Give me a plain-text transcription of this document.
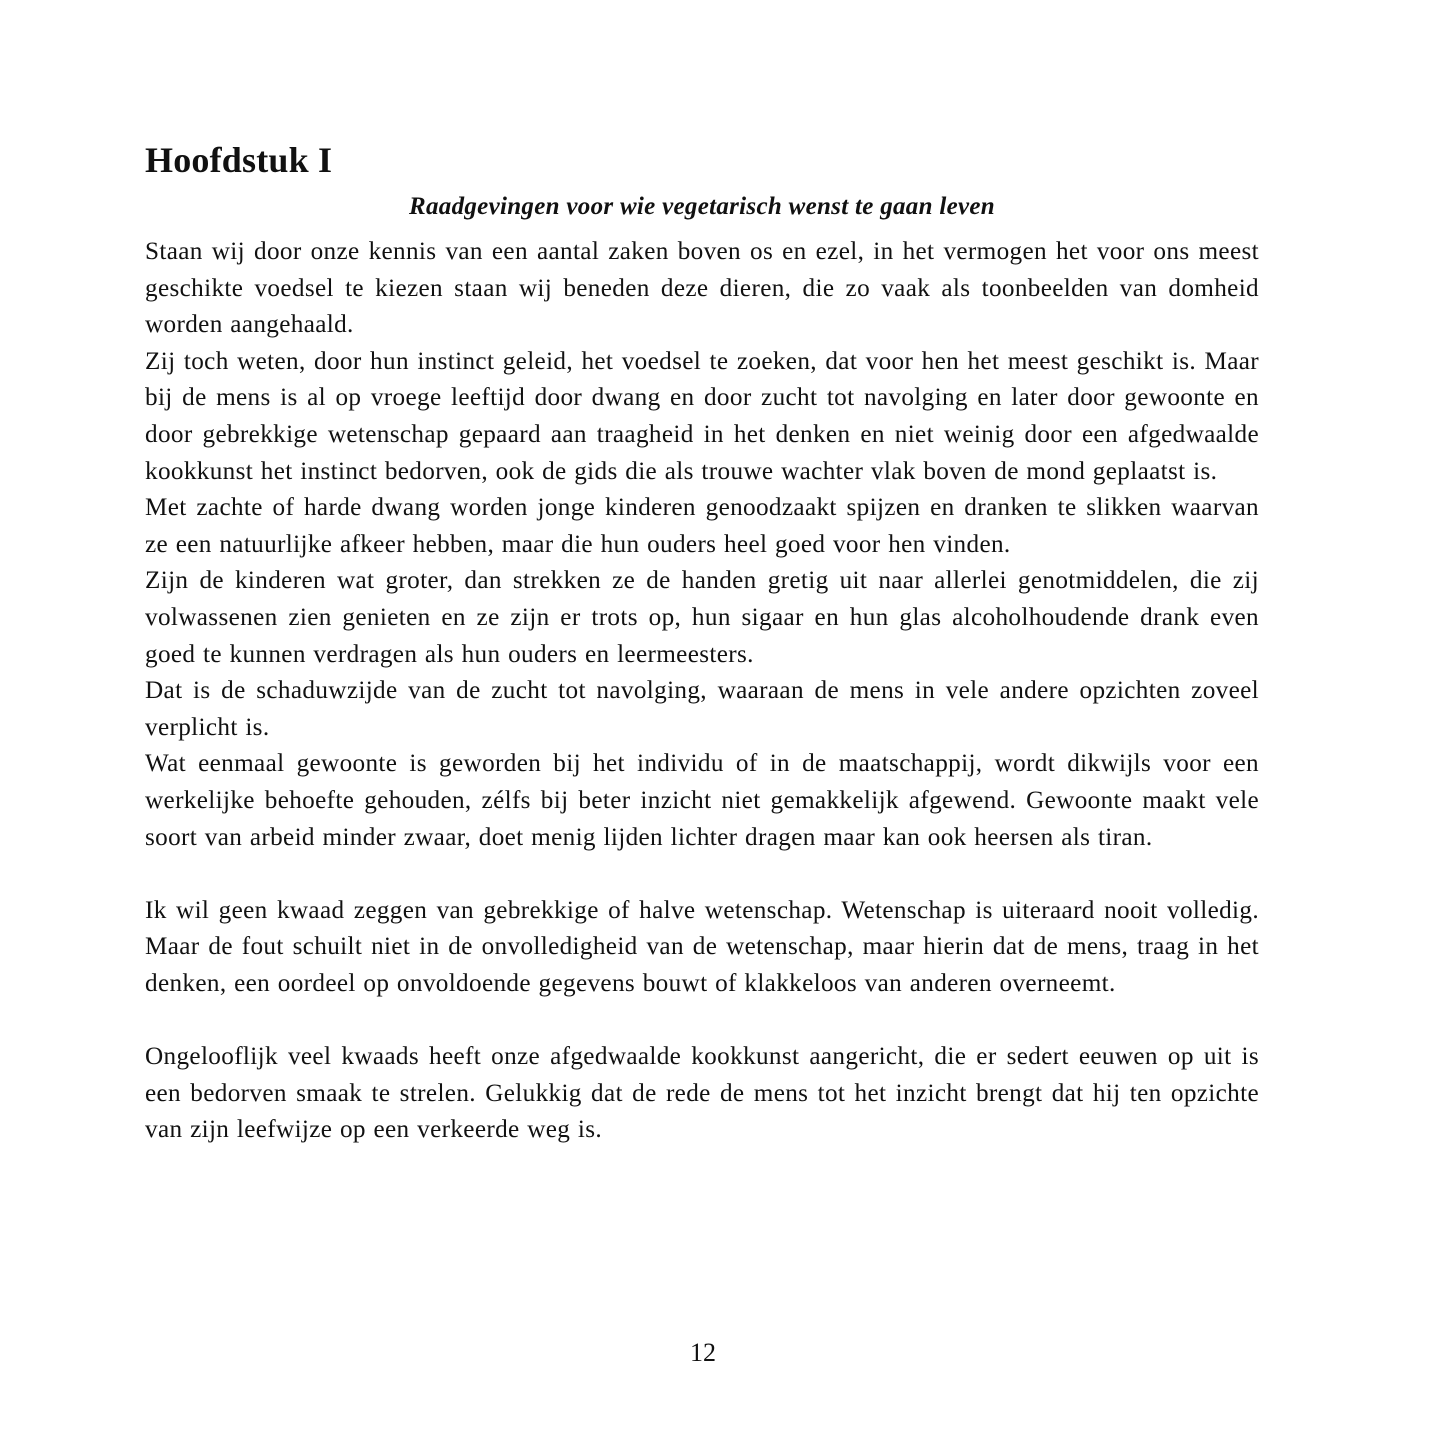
Hoofdstuk I
Raadgevingen voor wie vegetarisch wenst te gaan leven

Staan wij door onze kennis van een aantal zaken boven os en ezel, in het vermogen het voor ons meest geschikte voedsel te kiezen staan wij beneden deze dieren, die zo vaak als toonbeelden van domheid worden aangehaald.

Zij toch weten, door hun instinct geleid, het voedsel te zoeken, dat voor hen het meest geschikt is. Maar bij de mens is al op vroege leeftijd door dwang en door zucht tot navolging en later door gewoonte en door gebrekkige wetenschap gepaard aan traagheid in het denken en niet weinig door een afgedwaalde kookkunst het instinct bedorven, ook de gids die als trouwe wachter vlak boven de mond geplaatst is.

Met zachte of harde dwang worden jonge kinderen genoodzaakt spijzen en dranken te slikken waarvan ze een natuurlijke afkeer hebben, maar die hun ouders heel goed voor hen vinden.

Zijn de kinderen wat groter, dan strekken ze de handen gretig uit naar allerlei genotmiddelen, die zij volwassenen zien genieten en ze zijn er trots op, hun sigaar en hun glas alcoholhoudende drank even goed te kunnen verdragen als hun ouders en leermeesters.

Dat is de schaduwzijde van de zucht tot navolging, waaraan de mens in vele andere opzichten zoveel verplicht is.

Wat eenmaal gewoonte is geworden bij het individu of in de maatschappij, wordt dikwijls voor een werkelijke behoefte gehouden, zélfs bij beter inzicht niet gemakkelijk afgewend. Gewoonte maakt vele soort van arbeid minder zwaar, doet menig lijden lichter dragen maar kan ook heersen als tiran.

Ik wil geen kwaad zeggen van gebrekkige of halve wetenschap. Wetenschap is uiteraard nooit volledig. Maar de fout schuilt niet in de onvolledigheid van de wetenschap, maar hierin dat de mens, traag in het denken, een oordeel op onvoldoende gegevens bouwt of klakkeloos van anderen overneemt.

Ongelooflijk veel kwaads heeft onze afgedwaalde kookkunst aangericht, die er sedert eeuwen op uit is een bedorven smaak te strelen. Gelukkig dat de rede de mens tot het inzicht brengt dat hij ten opzichte van zijn leefwijze op een verkeerde weg is.

12
